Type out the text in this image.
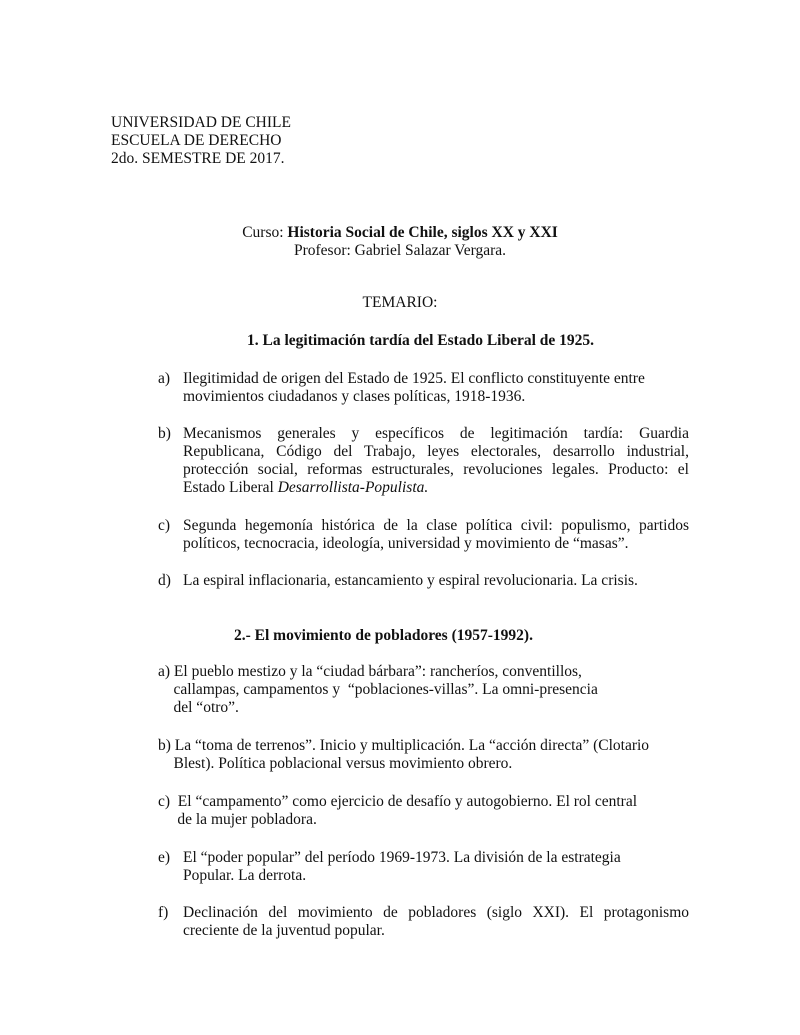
UNIVERSIDAD DE CHILE
ESCUELA DE DERECHO
2do. SEMESTRE DE 2017.
Curso: Historia Social de Chile, siglos XX y XXI
Profesor: Gabriel Salazar Vergara.
TEMARIO:
1. La legitimación tardía del Estado Liberal de 1925.
a) Ilegitimidad de origen del Estado de 1925. El conflicto constituyente entre
movimientos ciudadanos y clases políticas, 1918-1936.
b) Mecanismos generales y específicos de legitimación tardía: Guardia
Republicana, Código del Trabajo, leyes electorales, desarrollo industrial,
protección social, reformas estructurales, revoluciones legales. Producto: el
Estado Liberal Desarrollista-Populista.
c) Segunda hegemonía histórica de la clase política civil: populismo, partidos
políticos, tecnocracia, ideología, universidad y movimiento de “masas”.
d) La espiral inflacionaria, estancamiento y espiral revolucionaria. La crisis.
2.- El movimiento de pobladores (1957-1992).
a) El pueblo mestizo y la “ciudad bárbara”: rancheríos, conventillos,
callampas, campamentos y  “poblaciones-villas”. La omni-presencia
del “otro”.
b) La “toma de terrenos”. Inicio y multiplicación. La “acción directa” (Clotario
Blest). Política poblacional versus movimiento obrero.
c)  El “campamento” como ejercicio de desafío y autogobierno. El rol central
de la mujer pobladora.
e) El “poder popular” del período 1969-1973. La división de la estrategia
Popular. La derrota.
f) Declinación del movimiento de pobladores (siglo XXI). El protagonismo
creciente de la juventud popular.
